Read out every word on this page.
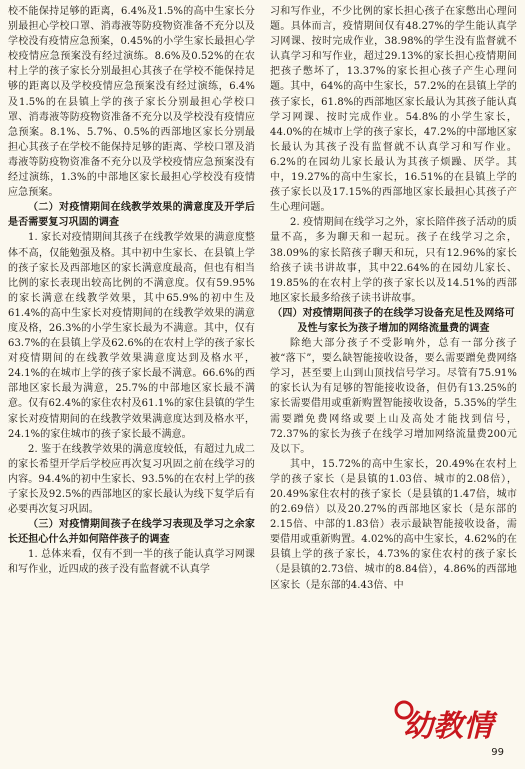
校不能保持足够的距离，6.4%及1.5%的高中生家长分别最担心学校口罩、消毒液等防疫物资准备不充分以及学校没有疫情应急预案，0.45%的小学生家长最担心学校疫情应急预案没有经过演练。8.6%及0.52%的在农村上学的孩子家长分别最担心其孩子在学校不能保持足够的距离以及学校疫情应急预案没有经过演练，6.4%及1.5%的在县镇上学的孩子家长分别最担心学校口罩、消毒液等防疫物资准备不充分以及学校没有疫情应急预案。8.1%、5.7%、0.5%的西部地区家长分别最担心其孩子在学校不能保持足够的距离、学校口罩及消毒液等防疫物资准备不充分以及学校疫情应急预案没有经过演练，1.3%的中部地区家长最担心学校没有疫情应急预案。

（二）对疫情期间在线教学效果的满意度及开学后是否需要复习巩固的调查

1. 家长对疫情期间其孩子在线教学效果的满意度整体不高，仅能勉强及格。其中初中生家长、在县镇上学的孩子家长及西部地区的家长满意度最高，但也有相当比例的家长表现出较高比例的不满意度。仅有59.95%的家长满意在线教学效果，其中65.9%的初中生及61.4%的高中生家长对疫情期间的在线教学效果的满意度及格，26.3%的小学生家长最为不满意。其中，仅有63.7%的在县镇上学及62.6%的在农村上学的孩子家长对疫情期间的在线教学效果满意度达到及格水平，24.1%的在城市上学的孩子家长最不满意。66.6%的西部地区家长最为满意，25.7%的中部地区家长最不满意。仅有62.4%的家住农村及61.1%的家住县镇的学生家长对疫情期间的在线教学效果满意度达到及格水平，24.1%的家住城市的孩子家长最不满意。

2. 鉴于在线教学效果的满意度较低，有超过九成二的家长希望开学后学校应再次复习巩固之前在线学习的内容。94.4%的初中生家长、93.5%的在农村上学的孩子家长及92.5%的西部地区的家长最认为线下复学后有必要再次复习巩固。

（三）对疫情期间孩子在线学习表现及学习之余家长还担心什么并如何陪伴孩子的调查

1. 总体来看，仅有不到一半的孩子能认真学习网课和写作业，近四成的孩子没有监督就不认真学

习和写作业，不少比例的家长担心孩子在家憋出心理问题。具体而言，疫情期间仅有48.27%的学生能认真学习网课、按时完成作业，38.98%的学生没有监督就不认真学习和写作业，超过29.13%的家长担心疫情期间把孩子憋坏了，13.37%的家长担心孩子产生心理问题。其中，64%的高中生家长，57.2%的在县镇上学的孩子家长，61.8%的西部地区家长最认为其孩子能认真学习网课、按时完成作业。54.8%的小学生家长，44.0%的在城市上学的孩子家长，47.2%的中部地区家长最认为其孩子没有监督就不认真学习和写作业。6.2%的在园幼儿家长最认为其孩子烦躁、厌学。其中，19.27%的高中生家长，16.51%的在县镇上学的孩子家长以及17.15%的西部地区家长最担心其孩子产生心理问题。

2. 疫情期间在线学习之外，家长陪伴孩子活动的质量不高，多为聊天和一起玩。孩子在线学习之余，38.09%的家长陪孩子聊天和玩，只有12.96%的家长给孩子读书讲故事，其中22.64%的在园幼儿家长、19.85%的在农村上学的孩子家长以及14.51%的西部地区家长最多给孩子读书讲故事。

（四）对疫情期间孩子的在线学习设备充足性及网络可及性与家长为孩子增加的网络流量费的调查

除绝大部分孩子不受影响外，总有一部分孩子被“落下”，要么缺智能接收设备，要么需要蹭免费网络学习，甚至要上山到山顶找信号学习。尽管有75.91%的家长认为有足够的智能接收设备，但仍有13.25%的家长需要借用或重新购置智能接收设备，5.35%的学生需要蹭免费网络或要上山及高处才能找到信号，72.37%的家长为孩子在线学习增加网络流量费200元及以下。

其中，15.72%的高中生家长，20.49%在农村上学的孩子家长（是县镇的1.03倍、城市的2.08倍），20.49%家住农村的孩子家长（是县镇的1.47倍，城市的2.69倍）以及20.27%的西部地区家长（是东部的2.15倍、中部的1.83倍）表示最缺智能接收设备，需要借用或重新购置。4.02%的高中生家长，4.62%的在县镇上学的孩子家长，4.73%的家住农村的孩子家长（是县镇的2.73倍、城市的8.84倍），4.86%的西部地区家长（是东部的4.43倍、中

幼教情
99
